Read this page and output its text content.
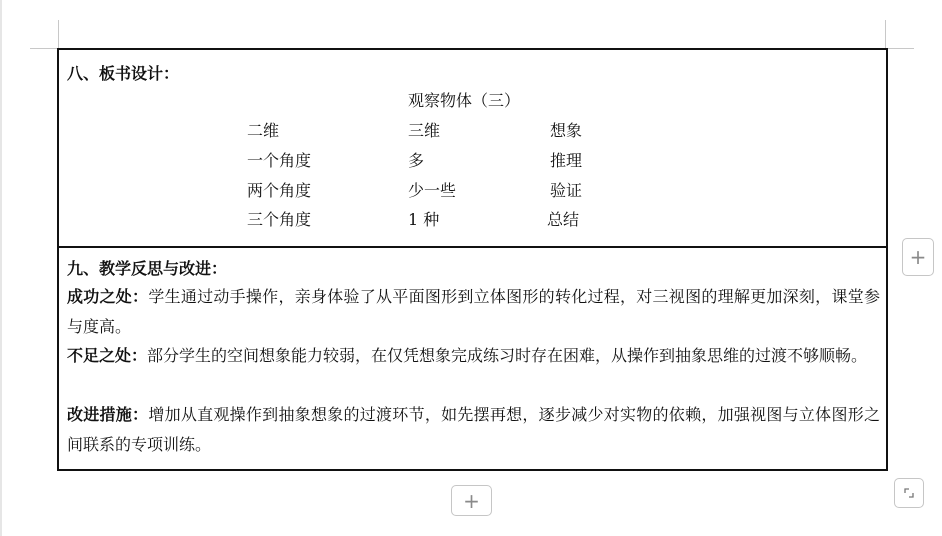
八、板书设计：
观察物体（三）
二维	三维	想象
一个角度	多	推理
两个角度	少一些	验证
三个角度	1 种	总结
九、教学反思与改进：
成功之处：学生通过动手操作，亲身体验了从平面图形到立体图形的转化过程，对三视图的理解更加深刻，课堂参与度高。
不足之处：部分学生的空间想象能力较弱，在仅凭想象完成练习时存在困难，从操作到抽象思维的过渡不够顺畅。
改进措施：增加从直观操作到抽象想象的过渡环节，如先摆再想，逐步减少对实物的依赖，加强视图与立体图形之间联系的专项训练。
+
+
